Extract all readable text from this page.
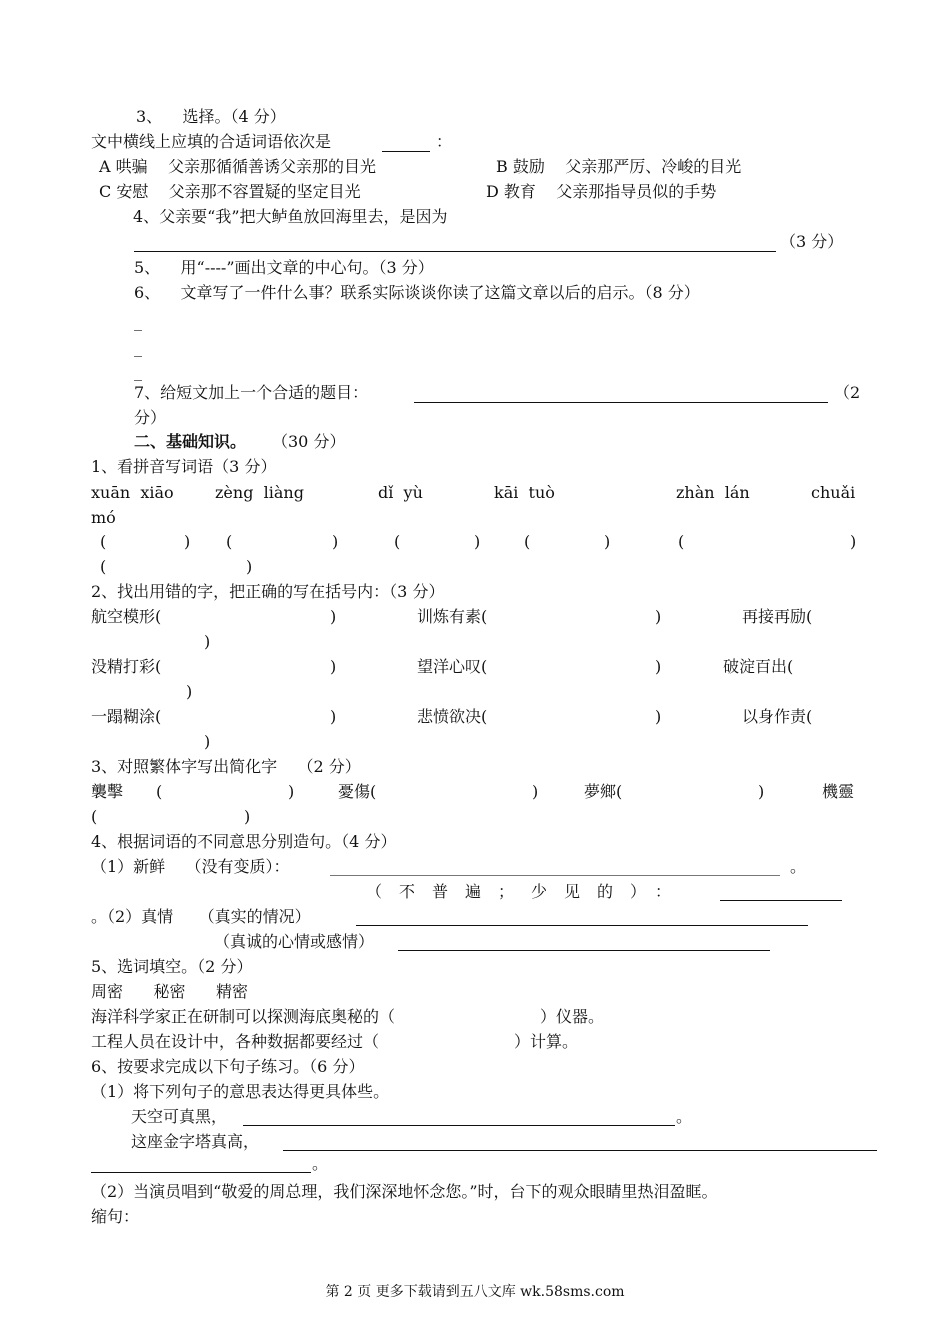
3、    选择。（4 分）
文中横线上应填的合适词语依次是	：
A 哄骗    父亲那循循善诱父亲那的目光	B 鼓励    父亲那严厉、冷峻的目光
C 安慰    父亲那不容置疑的坚定目光	D 教育    父亲那指导员似的手势
4、父亲要“我”把大鲈鱼放回海里去，是因为
（3 分）
5、    用“----”画出文章的中心句。（3 分）
6、    文章写了一件什么事？联系实际谈谈你读了这篇文章以后的启示。（8 分）
_
_
_
7、给短文加上一个合适的题目：	（2
分）
二、基础知识。 （30 分）
1、看拼音写词语（3 分）
xuān  xiāo	zèng  liàng	dǐ  yù	kāi  tuò	zhàn  lán	chuǎi
mó
(	) (	)	(	)	(	)	(	)
(	)
2、找出用错的字，把正确的写在括号内：（3 分）
航空模形(	)	训炼有素(	)	再接再励(
)
没精打彩(	)	望洋心叹(	)	破淀百出(
)
一蹋糊涂(	)	悲愤欲决(	)	以身作责(
)
3、对照繁体字写出简化字    （2 分）
襲擊 (	)	憂傷 (	)	夢鄉 (	)	機靈
(	)
4、根据词语的不同意思分别造句。（4 分）
（1）新鲜    （没有变质）：	。
（不普遍；少见的）：
。（2）真情     （真实的情况）
（真诚的心情或感情）
5、选词填空。（2 分）
周密      秘密      精密
海洋科学家正在研制可以探测海底奥秘的（	）仪器。
工程人员在设计中，各种数据都要经过（	）计算。
6、按要求完成以下句子练习。（6 分）
（1）将下列句子的意思表达得更具体些。
天空可真黑，	。
这座金字塔真高，
。
（2）当演员唱到“敬爱的周总理，我们深深地怀念您。”时，台下的观众眼睛里热泪盈眶。
缩句：
第 2 页 更多下载请到五八文库 wk.58sms.com
